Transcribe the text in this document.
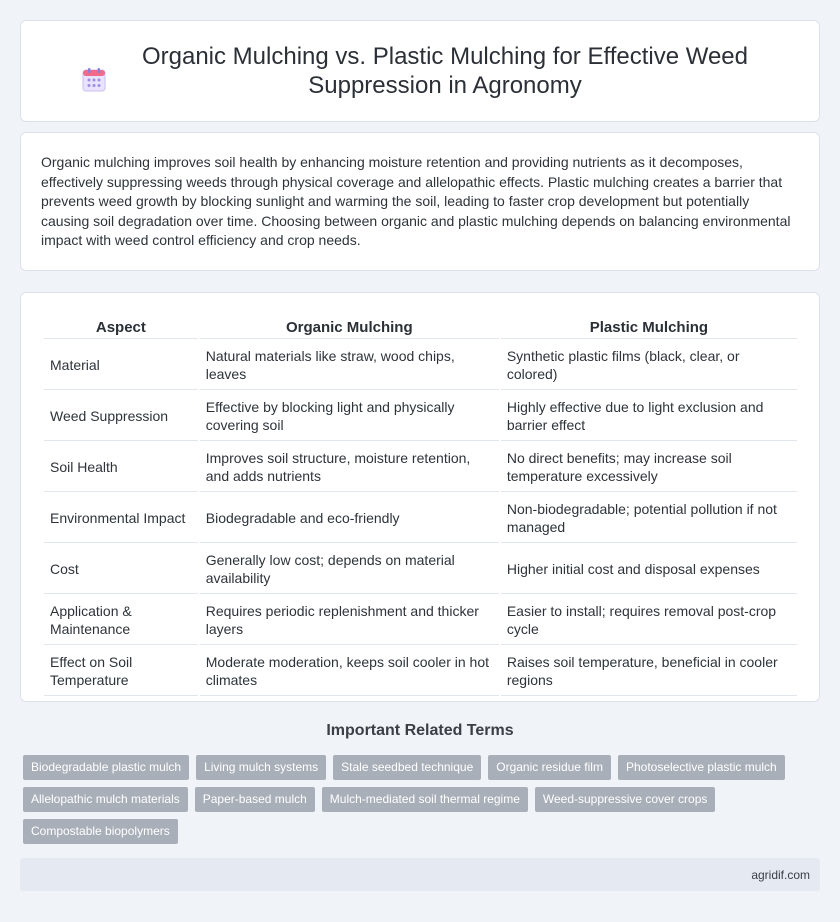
Organic Mulching vs. Plastic Mulching for Effective Weed Suppression in Agronomy

Organic mulching improves soil health by enhancing moisture retention and providing nutrients as it decomposes, effectively suppressing weeds through physical coverage and allelopathic effects. Plastic mulching creates a barrier that prevents weed growth by blocking sunlight and warming the soil, leading to faster crop development but potentially causing soil degradation over time. Choosing between organic and plastic mulching depends on balancing environmental impact with weed control efficiency and crop needs.

Aspect	Organic Mulching	Plastic Mulching
Material	Natural materials like straw, wood chips, leaves	Synthetic plastic films (black, clear, or colored)
Weed Suppression	Effective by blocking light and physically covering soil	Highly effective due to light exclusion and barrier effect
Soil Health	Improves soil structure, moisture retention, and adds nutrients	No direct benefits; may increase soil temperature excessively
Environmental Impact	Biodegradable and eco-friendly	Non-biodegradable; potential pollution if not managed
Cost	Generally low cost; depends on material availability	Higher initial cost and disposal expenses
Application & Maintenance	Requires periodic replenishment and thicker layers	Easier to install; requires removal post-crop cycle
Effect on Soil Temperature	Moderate moderation, keeps soil cooler in hot climates	Raises soil temperature, beneficial in cooler regions
Important Related Terms
Biodegradable plastic mulch	Living mulch systems	Stale seedbed technique	Organic residue film	Photoselective plastic mulch
Allelopathic mulch materials	Paper-based mulch	Mulch-mediated soil thermal regime	Weed-suppressive cover crops
Compostable biopolymers
agridif.com
